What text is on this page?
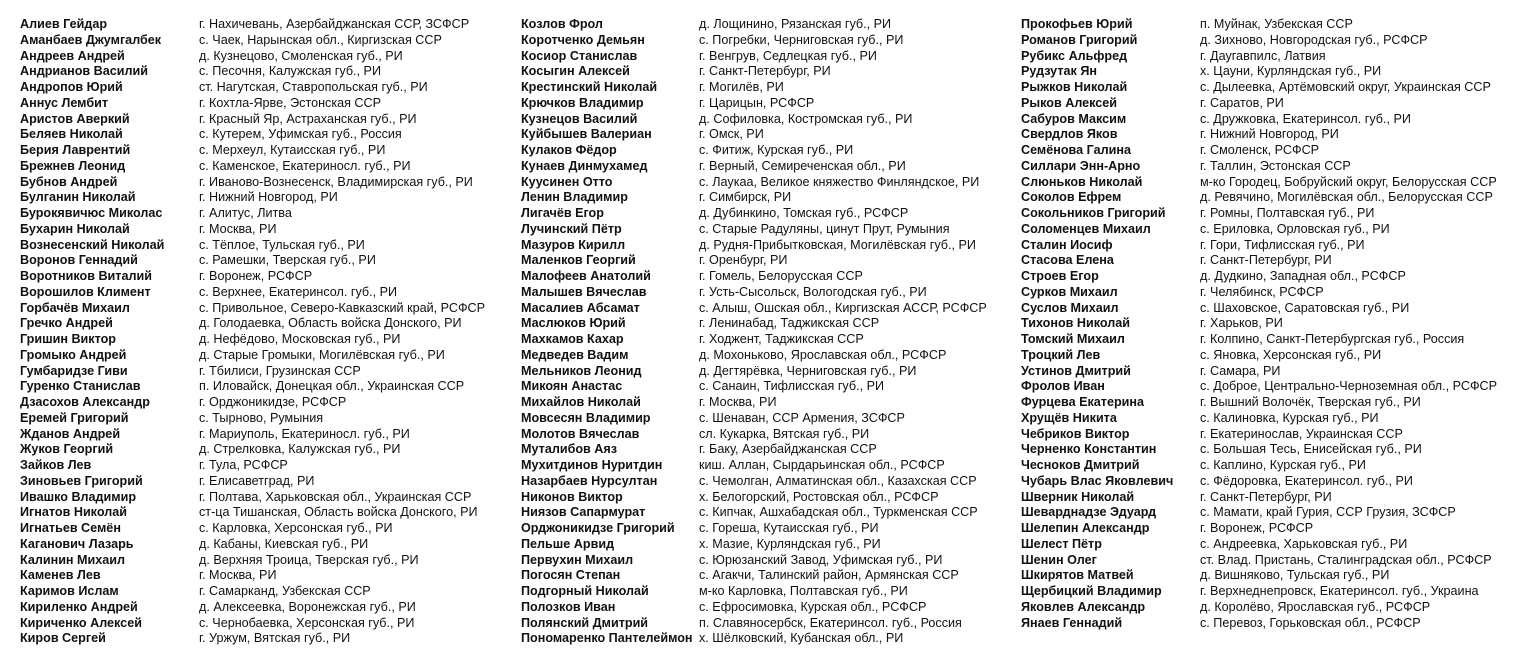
Алиев Гейдар	г. Нахичевань, Азербайджанская ССР, ЗСФСР
Аманбаев Джумгалбек	с. Чаек, Нарынская обл., Киргизская ССР
Андреев Андрей	д. Кузнецово, Смоленская губ., РИ
Андрианов Василий	с. Песочня, Калужская губ., РИ
Андропов Юрий	ст. Нагутская, Ставропольская губ., РИ
Аннус Лембит	г. Кохтла-Ярве, Эстонская ССР
Аристов Аверкий	г. Красный Яр, Астраханская губ., РИ
Беляев Николай	с. Кутерем, Уфимская губ., Россия
Берия Лаврентий	с. Мерхеул, Кутаисская губ., РИ
Брежнев Леонид	с. Каменское, Екатериносл. губ., РИ
Бубнов Андрей	г. Иваново-Вознесенск, Владимирская губ., РИ
Булганин Николай	г. Нижний Новгород, РИ
Бурокявичюс Миколас	г. Алитус, Литва
Бухарин Николай	г. Москва, РИ
Вознесенский Николай	с. Тёплое, Тульская губ., РИ
Воронов Геннадий	с. Рамешки, Тверская губ., РИ
Воротников Виталий	г. Воронеж, РСФСР
Ворошилов Климент	с. Верхнее, Екатеринсол. губ., РИ
Горбачёв Михаил	с. Привольное, Северо-Кавказский край, РСФСР
Гречко Андрей	д. Голодаевка, Область войска Донского, РИ
Гришин Виктор	д. Нефёдово, Московская губ., РИ
Громыко Андрей	д. Старые Громыки, Могилёвская губ., РИ
Гумбаридзе Гиви	г. Тбилиси, Грузинская ССР
Гуренко Станислав	п. Иловайск, Донецкая обл., Украинская ССР
Дзасохов Александр	г. Орджоникидзе, РСФСР
Еремей Григорий	с. Тырново, Румыния
Жданов Андрей	г. Мариуполь, Екатериносл. губ., РИ
Жуков Георгий	д. Стрелковка, Калужская губ., РИ
Зайков Лев	г. Тула, РСФСР
Зиновьев Григорий	г. Елисаветград, РИ
Ивашко Владимир	г. Полтава, Харьковская обл., Украинская ССР
Игнатов Николай	ст-ца Тишанская, Область войска Донского, РИ
Игнатьев Семён	с. Карловка, Херсонская губ., РИ
Каганович Лазарь	д. Кабаны, Киевская губ., РИ
Калинин Михаил	д. Верхняя Троица, Тверская губ., РИ
Каменев Лев	г. Москва, РИ
Каримов Ислам	г. Самарканд, Узбекская ССР
Кириленко Андрей	д. Алексеевка, Воронежская губ., РИ
Кириченко Алексей	с. Чернобаевка, Херсонская губ., РИ
Киров Сергей	г. Уржум, Вятская губ., РИ
Козлов Фрол	д. Лощинино, Рязанская губ., РИ
Коротченко Демьян	с. Погребки, Черниговская губ., РИ
Косиор Станислав	г. Венгрув, Седлецкая губ., РИ
Косыгин Алексей	г. Санкт-Петербург, РИ
Крестинский Николай	г. Могилёв, РИ
Крючков Владимир	г. Царицын, РСФСР
Кузнецов Василий	д. Софиловка, Костромская губ., РИ
Куйбышев Валериан	г. Омск, РИ
Кулаков Фёдор	с. Фитиж, Курская губ., РИ
Кунаев Динмухамед	г. Верный, Семиреченская обл., РИ
Куусинен Отто	с. Лаукаа, Великое княжество Финляндское, РИ
Ленин Владимир	г. Симбирск, РИ
Лигачёв Егор	д. Дубинкино, Томская губ., РСФСР
Лучинский Пётр	с. Старые Радуляны, цинут Прут, Румыния
Мазуров Кирилл	д. Рудня-Прибытковская, Могилёвская губ., РИ
Маленков Георгий	г. Оренбург, РИ
Малофеев Анатолий	г. Гомель, Белорусская ССР
Малышев Вячеслав	г. Усть-Сысольск, Вологодская губ., РИ
Масалиев Абсамат	с. Алыш, Ошская обл., Киргизская АССР, РСФСР
Маслюков Юрий	г. Ленинабад, Таджикская ССР
Махкамов Кахар	г. Ходжент, Таджикская ССР
Медведев Вадим	д. Мохоньково, Ярославская обл., РСФСР
Мельников Леонид	д. Дегтярёвка, Черниговская губ., РИ
Микоян Анастас	с. Санаин, Тифлисская губ., РИ
Михайлов Николай	г. Москва, РИ
Мовсесян Владимир	с. Шенаван, ССР Армения, ЗСФСР
Молотов Вячеслав	сл. Кукарка, Вятская губ., РИ
Муталибов Аяз	г. Баку, Азербайджанская ССР
Мухитдинов Нуритдин	киш. Аллан, Сырдарьинская обл., РСФСР
Назарбаев Нурсултан	с. Чемолган, Алматинская обл., Казахская ССР
Никонов Виктор	х. Белогорский, Ростовская обл., РСФСР
Ниязов Сапармурат	с. Кипчак, Ашхабадская обл., Туркменская ССР
Орджоникидзе Григорий	с. Гореша, Кутаисская губ., РИ
Пельше Арвид	х. Мазие, Курляндская губ., РИ
Первухин Михаил	с. Юрюзанский Завод, Уфимская губ., РИ
Погосян Степан	с. Агакчи, Талинский район, Армянская ССР
Подгорный Николай	м-ко Карловка, Полтавская губ., РИ
Полозков Иван	с. Ефросимовка, Курская обл., РСФСР
Полянский Дмитрий	п. Славяносербск, Екатеринсол. губ., Россия
Пономаренко Пантелеймон х. Шёлковский, Кубанская обл., РИ
Прокофьев Юрий	п. Муйнак, Узбекская ССР
Романов Григорий	д. Зихново, Новгородская губ., РСФСР
Рубикс Альфред	г. Даугавпилс, Латвия
Рудзутак Ян	х. Цауни, Курляндская губ., РИ
Рыжков Николай	с. Дылеевка, Артёмовский округ, Украинская ССР
Рыков Алексей	г. Саратов, РИ
Сабуров Максим	с. Дружковка, Екатеринсол. губ., РИ
Свердлов Яков	г. Нижний Новгород, РИ
Семёнова Галина	г. Смоленск, РСФСР
Силлари Энн-Арно	г. Таллин, Эстонская ССР
Слюньков Николай	м-ко Городец, Бобруйский округ, Белорусская ССР
Соколов Ефрем	д. Ревячино, Могилёвская обл., Белорусская ССР
Сокольников Григорий	г. Ромны, Полтавская губ., РИ
Соломенцев Михаил	с. Ериловка, Орловская губ., РИ
Сталин Иосиф	г. Гори, Тифлисская губ., РИ
Стасова Елена	г. Санкт-Петербург, РИ
Строев Егор	д. Дудкино, Западная обл., РСФСР
Сурков Михаил	г. Челябинск, РСФСР
Суслов Михаил	с. Шаховское, Саратовская губ., РИ
Тихонов Николай	г. Харьков, РИ
Томский Михаил	г. Колпино, Санкт-Петербургская губ., Россия
Троцкий Лев	с. Яновка, Херсонская губ., РИ
Устинов Дмитрий	г. Самара, РИ
Фролов Иван	с. Доброе, Центрально-Черноземная обл., РСФСР
Фурцева Екатерина	г. Вышний Волочёк, Тверская губ., РИ
Хрущёв Никита	с. Калиновка, Курская губ., РИ
Чебриков Виктор	г. Екатеринослав, Украинская ССР
Черненко Константин	с. Большая Тесь, Енисейская губ., РИ
Чесноков Дмитрий	с. Каплино, Курская губ., РИ
Чубарь Влас Яковлевич	с. Фёдоровка, Екатеринсол. губ., РИ
Шверник Николай	г. Санкт-Петербург, РИ
Шеварднадзе Эдуард	с. Мамати, край Гурия, ССР Грузия, ЗСФСР
Шелепин Александр	г. Воронеж, РСФСР
Шелест Пётр	с. Андреевка, Харьковская губ., РИ
Шенин Олег	ст. Влад. Пристань, Сталинградская обл., РСФСР
Шкирятов Матвей	д. Вишняково, Тульская губ., РИ
Щербицкий Владимир	г. Верхнеднепровск, Екатеринсол. губ., Украина
Яковлев Александр	д. Королёво, Ярославская губ., РСФСР
Янаев Геннадий	с. Перевоз, Горьковская обл., РСФСР
